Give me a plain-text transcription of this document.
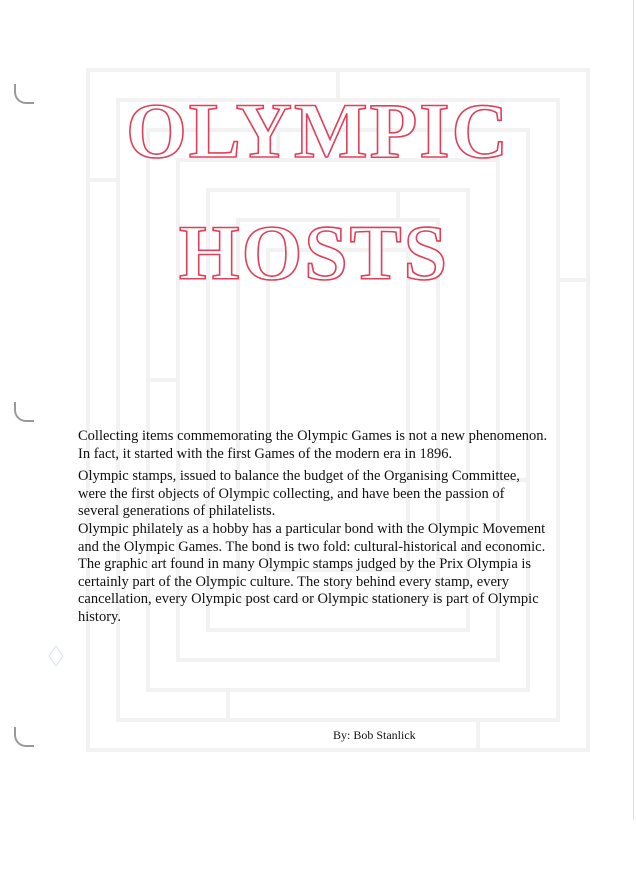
OLYMPIC
HOSTS

Collecting items commemorating the Olympic Games is not a new phenomenon. In fact, it started with the first Games of the modern era in 1896.

Olympic stamps, issued to balance the budget of the Organising Committee, were the first objects of Olympic collecting, and have been the passion of several generations of philatelists.

Olympic philately as a hobby has a particular bond with the Olympic Movement and the Olympic Games. The bond is two fold: cultural-historical and economic. The graphic art found in many Olympic stamps judged by the Prix Olympia is certainly part of the Olympic culture. The story behind every stamp, every cancellation, every Olympic post card or Olympic stationery is part of Olympic history.

By: Bob Stanlick
